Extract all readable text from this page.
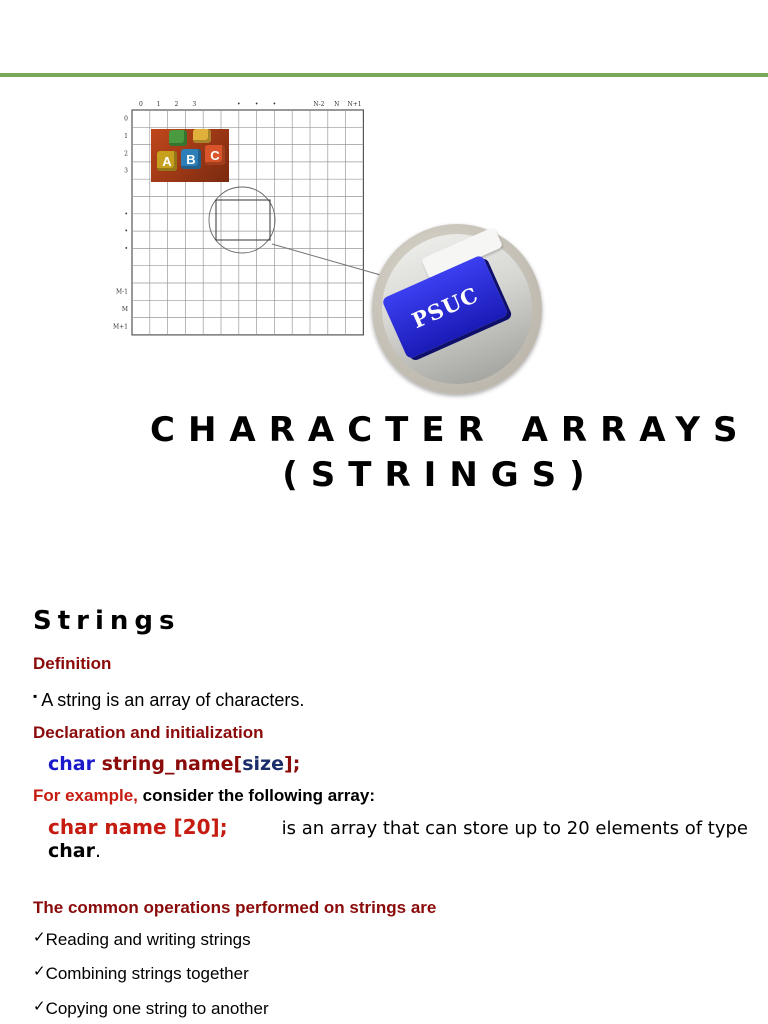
0 1 2 3	• • •	N-2 N N+1
0
1
2
3
•
•
•
M-1
M
M+1
A	B	C
PSUC
CHARACTER ARRAYS
(STRINGS)
Strings
Definition
▪ A string is an array of characters.
Declaration and initialization
char string_name[size];
For example, consider the following array:
char name [20];	is an array that can store up to 20 elements of type
char.
The common operations performed on strings are
✓Reading and writing strings
✓Combining strings together
✓Copying one string to another
